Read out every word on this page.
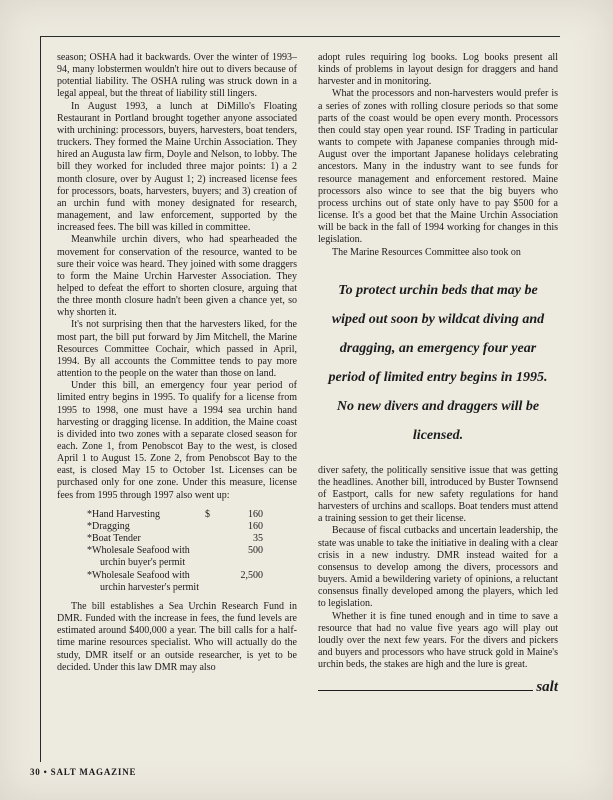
season; OSHA had it backwards. Over the winter of 1993–94, many lobstermen wouldn't hire out to divers because of potential liability. The OSHA ruling was struck down in a legal appeal, but the threat of liability still lingers.

In August 1993, a lunch at DiMillo's Floating Restaurant in Portland brought together anyone associated with urchining: processors, buyers, harvesters, boat tenders, truckers. They formed the Maine Urchin Association. They hired an Augusta law firm, Doyle and Nelson, to lobby. The bill they worked for included three major points: 1) a 2 month closure, over by August 1; 2) increased license fees for processors, boats, harvesters, buyers; and 3) creation of an urchin fund with money designated for research, management, and law enforcement, supported by the increased fees. The bill was killed in committee.

Meanwhile urchin divers, who had spearheaded the movement for conservation of the resource, wanted to be sure their voice was heard. They joined with some draggers to form the Maine Urchin Harvester Association. They helped to defeat the effort to shorten closure, arguing that the three month closure hadn't been given a chance yet, so why shorten it.

It's not surprising then that the harvesters liked, for the most part, the bill put forward by Jim Mitchell, the Marine Resources Committee Cochair, which passed in April, 1994. By all accounts the Committee tends to pay more attention to the people on the water than those on land.

Under this bill, an emergency four year period of limited entry begins in 1995. To qualify for a license from 1995 to 1998, one must have a 1994 sea urchin hand harvesting or dragging license. In addition, the Maine coast is divided into two zones with a separate closed season for each. Zone 1, from Penobscot Bay to the west, is closed April 1 to August 15. Zone 2, from Penobscot Bay to the east, is closed May 15 to October 1st. Licenses can be purchased only for one zone. Under this measure, license fees from 1995 through 1997 also went up:

*Hand Harvesting	$	160
*Dragging	160
*Boat Tender	35
*Wholesale Seafood with	500
urchin buyer's permit
*Wholesale Seafood with	2,500
urchin harvester's permit

The bill establishes a Sea Urchin Research Fund in DMR. Funded with the increase in fees, the fund levels are estimated around $400,000 a year. The bill calls for a half-time marine resources specialist. Who will actually do the study, DMR itself or an outside researcher, is yet to be decided. Under this law DMR may also

adopt rules requiring log books. Log books present all kinds of problems in layout design for draggers and hand harvester and in monitoring.

What the processors and non-harvesters would prefer is a series of zones with rolling closure periods so that some parts of the coast would be open every month. Processors then could stay open year round. ISF Trading in particular wants to compete with Japanese companies through mid-August over the important Japanese holidays celebrating ancestors. Many in the industry want to see funds for resource management and enforcement restored. Maine processors also wince to see that the big buyers who process urchins out of state only have to pay $500 for a license. It's a good bet that the Maine Urchin Association will be back in the fall of 1994 working for changes in this legislation.

The Marine Resources Committee also took on

To protect urchin beds that may be wiped out soon by wildcat diving and dragging, an emergency four year period of limited entry begins in 1995. No new divers and draggers will be licensed.

diver safety, the politically sensitive issue that was getting the headlines. Another bill, introduced by Buster Townsend of Eastport, calls for new safety regulations for hand harvesters of urchins and scallops. Boat tenders must attend a training session to get their license.

Because of fiscal cutbacks and uncertain leadership, the state was unable to take the initiative in dealing with a clear crisis in a new industry. DMR instead waited for a consensus to develop among the divers, processors and buyers. Amid a bewildering variety of opinions, a reluctant consensus finally developed among the players, which led to legislation.

Whether it is fine tuned enough and in time to save a resource that had no value five years ago will play out loudly over the next few years. For the divers and pickers and buyers and processors who have struck gold in Maine's urchin beds, the stakes are high and the lure is great.

salt
30 • SALT MAGAZINE
